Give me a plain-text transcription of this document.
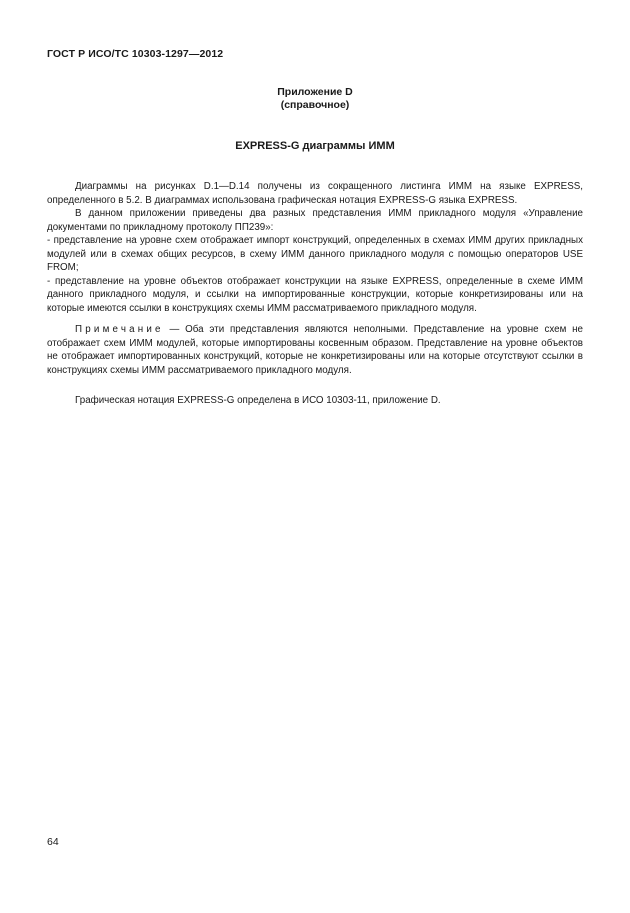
ГОСТ Р ИСО/ТС 10303-1297—2012
Приложение D
(справочное)
EXPRESS-G диаграммы ИММ

Диаграммы на рисунках D.1—D.14 получены из сокращенного листинга ИММ на языке EXPRESS, определенного в 5.2. В диаграммах использована графическая нотация EXPRESS-G языка EXPRESS.

В данном приложении приведены два разных представления ИММ прикладного модуля «Управление документами по прикладному протоколу ПП239»:

- представление на уровне схем отображает импорт конструкций, определенных в схемах ИММ других прикладных модулей или в схемах общих ресурсов, в схему ИММ данного прикладного модуля с помощью операторов USE FROM;

- представление на уровне объектов отображает конструкции на языке EXPRESS, определенные в схеме ИММ данного прикладного модуля, и ссылки на импортированные конструкции, которые конкретизированы или на которые имеются ссылки в конструкциях схемы ИММ рассматриваемого прикладного модуля.

Примечание — Оба эти представления являются неполными. Представление на уровне схем не отображает схем ИММ модулей, которые импортированы косвенным образом. Представление на уровне объектов не отображает импортированных конструкций, которые не конкретизированы или на которые отсутствуют ссылки в конструкциях схемы ИММ рассматриваемого прикладного модуля.

Графическая нотация EXPRESS-G определена в ИСО 10303-11, приложение D.

64
